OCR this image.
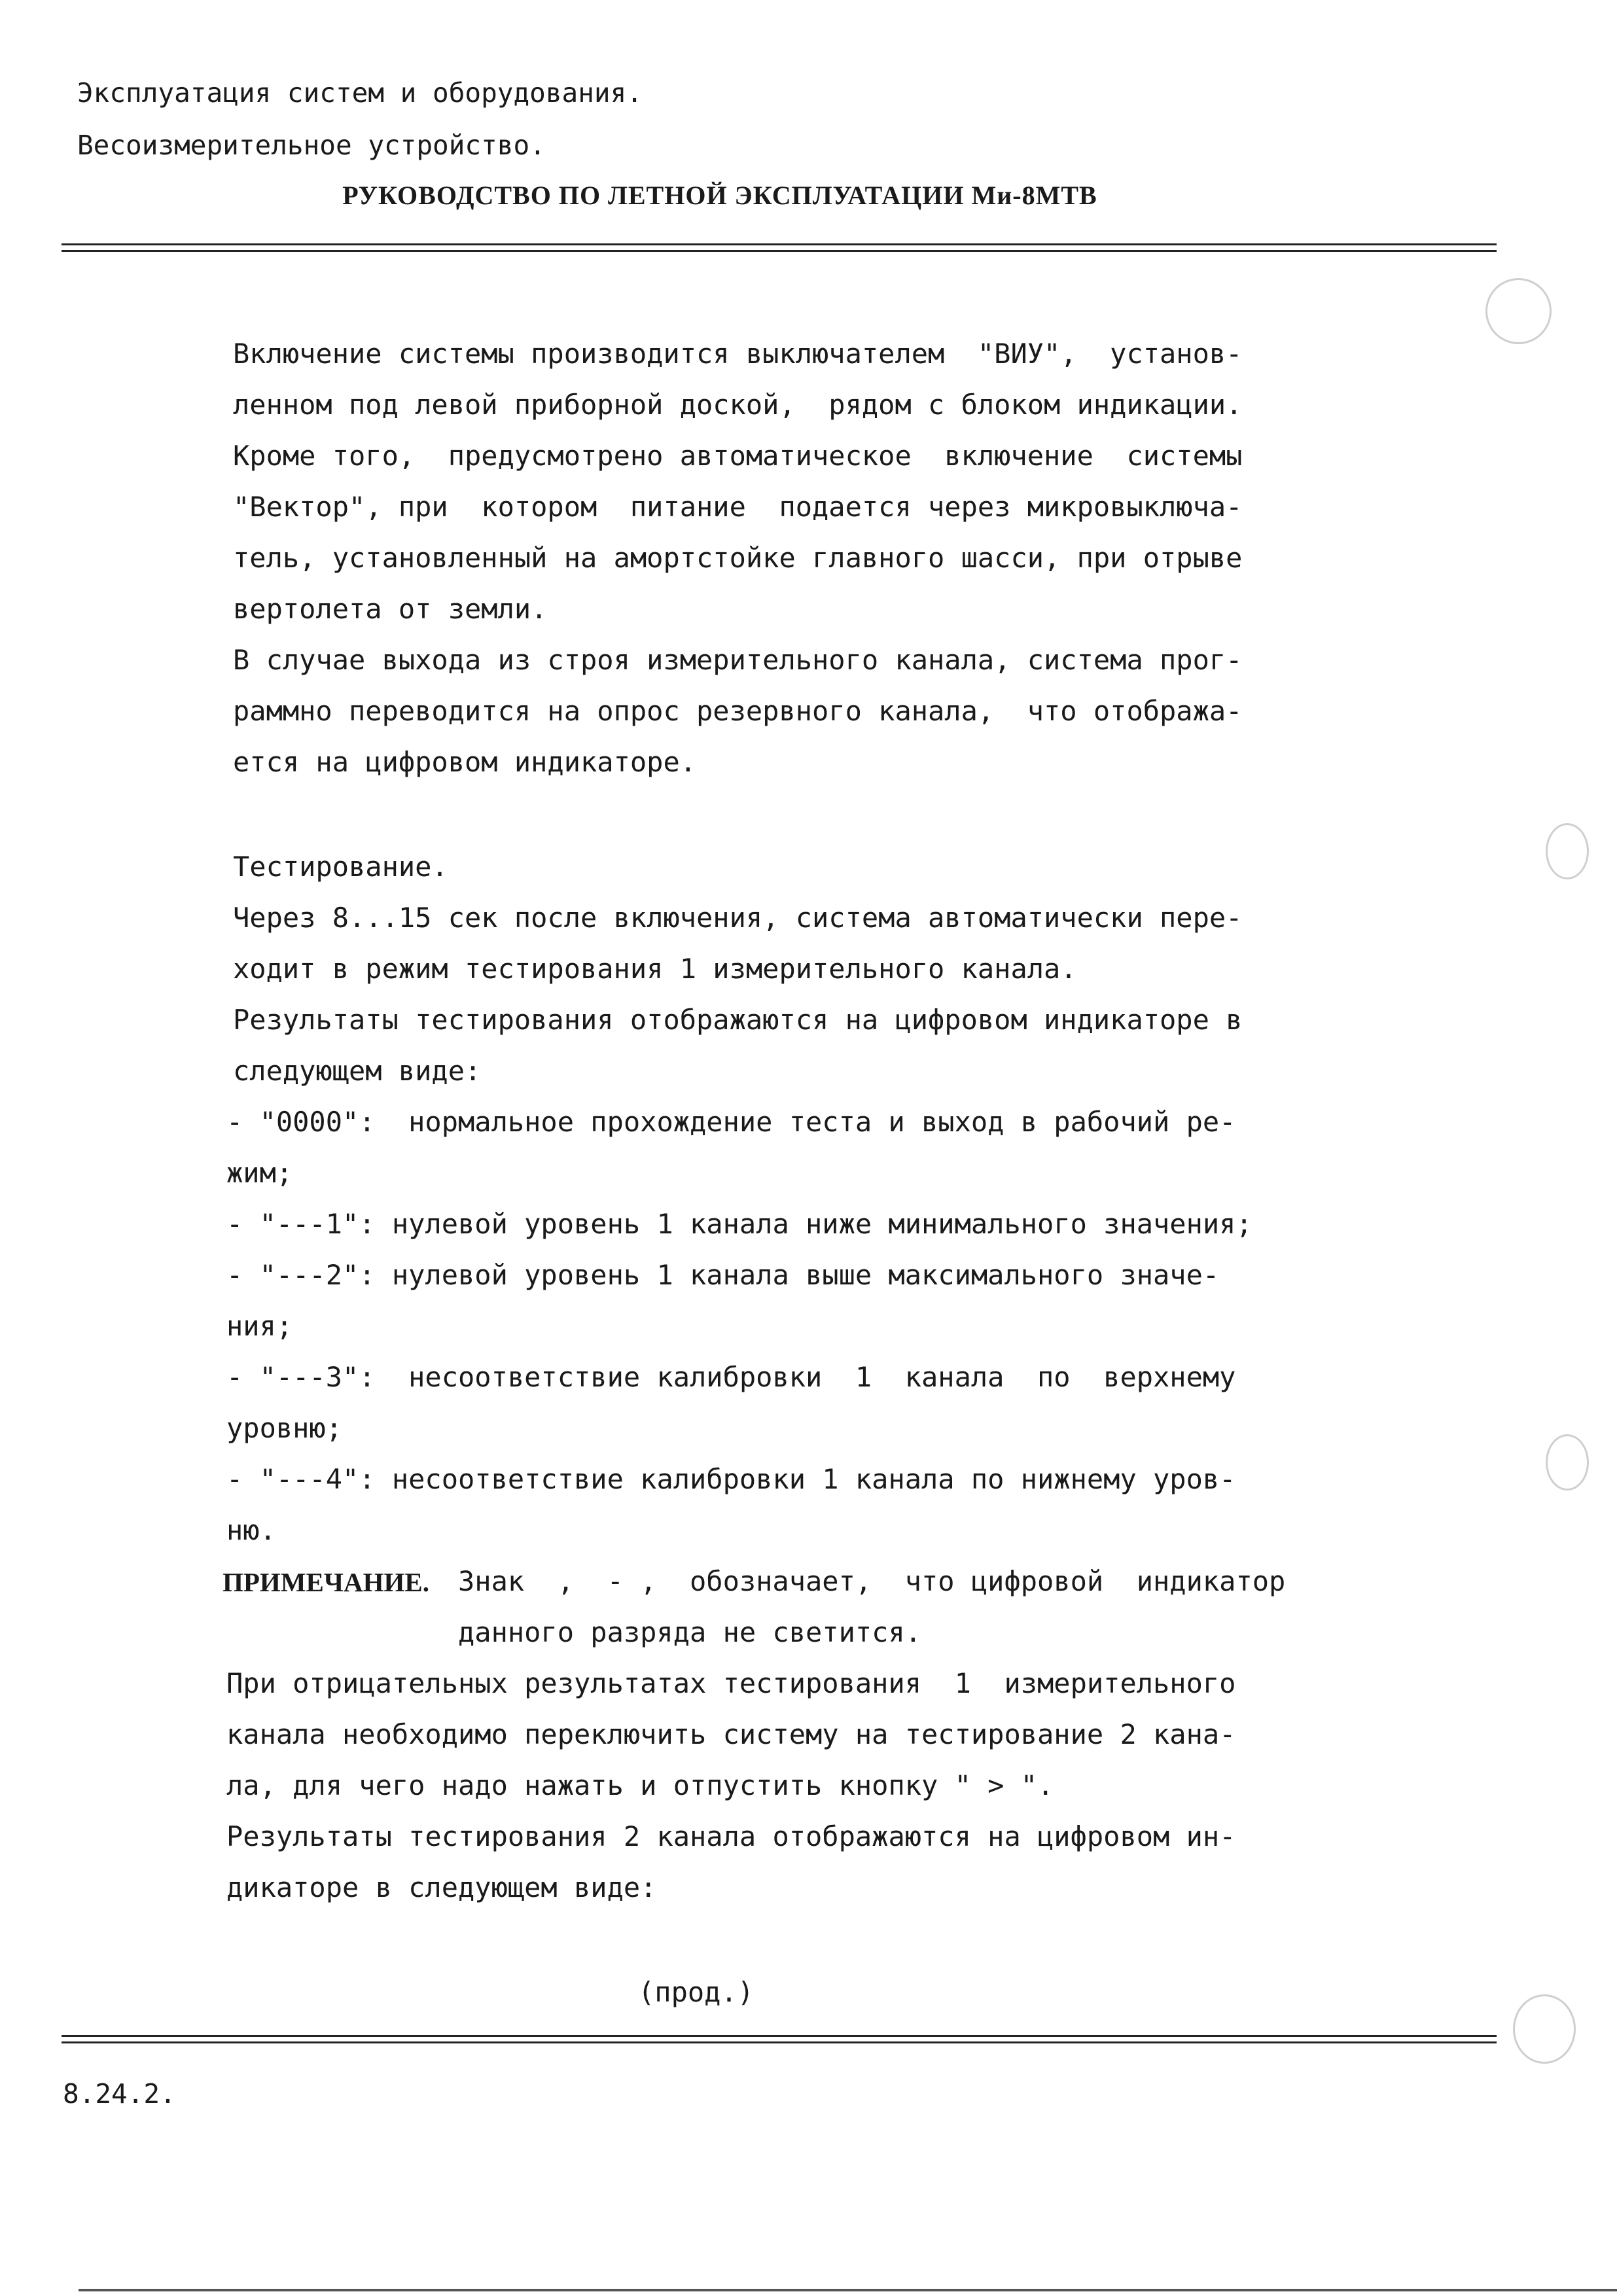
Эксплуатация систем и оборудования.
Весоизмерительное устройство.
РУКОВОДСТВО ПО ЛЕТНОЙ ЭКСПЛУАТАЦИИ Ми-8МТВ
Включение системы производится выключателем  "ВИУ",  установ-
ленном под левой приборной доской,  рядом с блоком индикации.
Кроме того,  предусмотрено автоматическое  включение  системы
"Вектор", при  котором  питание  подается через микровыключа-
тель, установленный на амортстойке главного шасси, при отрыве
вертолета от земли.
В случае выхода из строя измерительного канала, система прог-
раммно переводится на опрос резервного канала,  что отобража-
ется на цифровом индикаторе.
Тестирование.
Через 8...15 сек после включения, система автоматически пере-
ходит в режим тестирования 1 измерительного канала.
Результаты тестирования отображаются на цифровом индикаторе в
следующем виде:
- "0000":  нормальное прохождение теста и выход в рабочий ре-
жим;
- "---1": нулевой уровень 1 канала ниже минимального значения;
- "---2": нулевой уровень 1 канала выше максимального значе-
ния;
- "---3":  несоответствие калибровки  1  канала  по  верхнему
уровню;
- "---4": несоответствие калибровки 1 канала по нижнему уров-
ню.
ПРИМЕЧАНИЕ. Знак  ,  - ,  обозначает,  что цифровой  индикатор
данного разряда не светится.
При отрицательных результатах тестирования  1  измерительного
канала необходимо переключить систему на тестирование 2 кана-
ла, для чего надо нажать и отпустить кнопку " > ".
Результаты тестирования 2 канала отображаются на цифровом ин-
дикаторе в следующем виде:
(прод.)
8.24.2.
